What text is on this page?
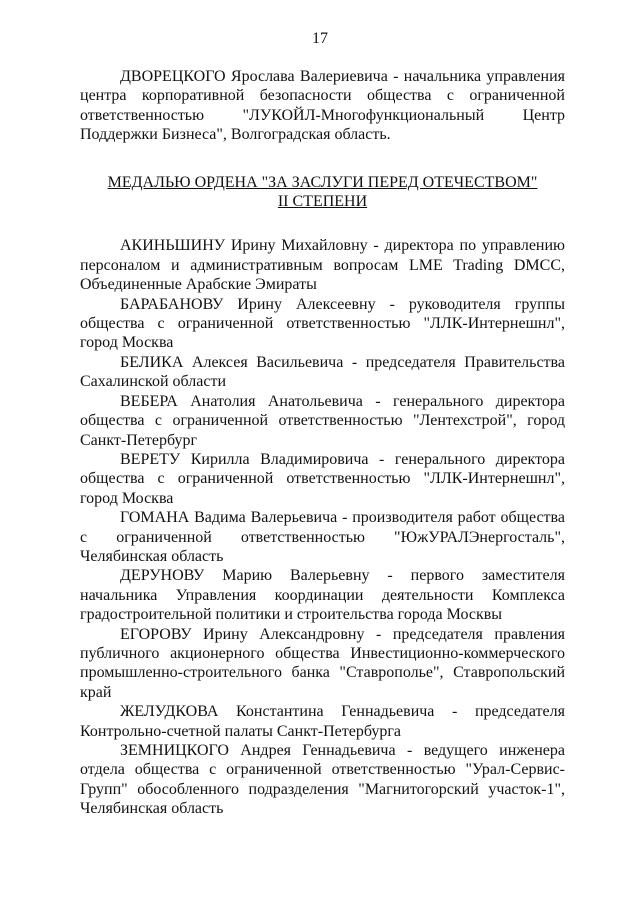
17

ДВОРЕЦКОГО Ярослава Валериевича - начальника управления центра корпоративной безопасности общества с ограниченной ответственностью "ЛУКОЙЛ-Многофункциональный Центр Поддержки Бизнеса", Волгоградская область.

МЕДАЛЬЮ ОРДЕНА "ЗА ЗАСЛУГИ ПЕРЕД ОТЕЧЕСТВОМ"
II СТЕПЕНИ

АКИНЬШИНУ Ирину Михайловну - директора по управлению персоналом и административным вопросам LME Trading DMCC, Объединенные Арабские Эмираты

БАРАБАНОВУ Ирину Алексеевну - руководителя группы общества с ограниченной ответственностью "ЛЛК-Интернешнл", город Москва

БЕЛИКА Алексея Васильевича - председателя Правительства Сахалинской области

ВЕБЕРА Анатолия Анатольевича - генерального директора общества с ограниченной ответственностью "Лентехстрой", город Санкт-Петербург

ВЕРЕТУ Кирилла Владимировича - генерального директора общества с ограниченной ответственностью "ЛЛК-Интернешнл", город Москва

ГОМАНА Вадима Валерьевича - производителя работ общества с ограниченной ответственностью "ЮжУРАЛЭнергосталь", Челябинская область

ДЕРУНОВУ Марию Валерьевну - первого заместителя начальника Управления координации деятельности Комплекса градостроительной политики и строительства города Москвы

ЕГОРОВУ Ирину Александровну - председателя правления публичного акционерного общества Инвестиционно-коммерческого промышленно-строительного банка "Ставрополье", Ставропольский край

ЖЕЛУДКОВА Константина Геннадьевича - председателя Контрольно-счетной палаты Санкт-Петербурга

ЗЕМНИЦКОГО Андрея Геннадьевича - ведущего инженера отдела общества с ограниченной ответственностью "Урал-Сервис-Групп" обособленного подразделения "Магнитогорский участок-1", Челябинская область
